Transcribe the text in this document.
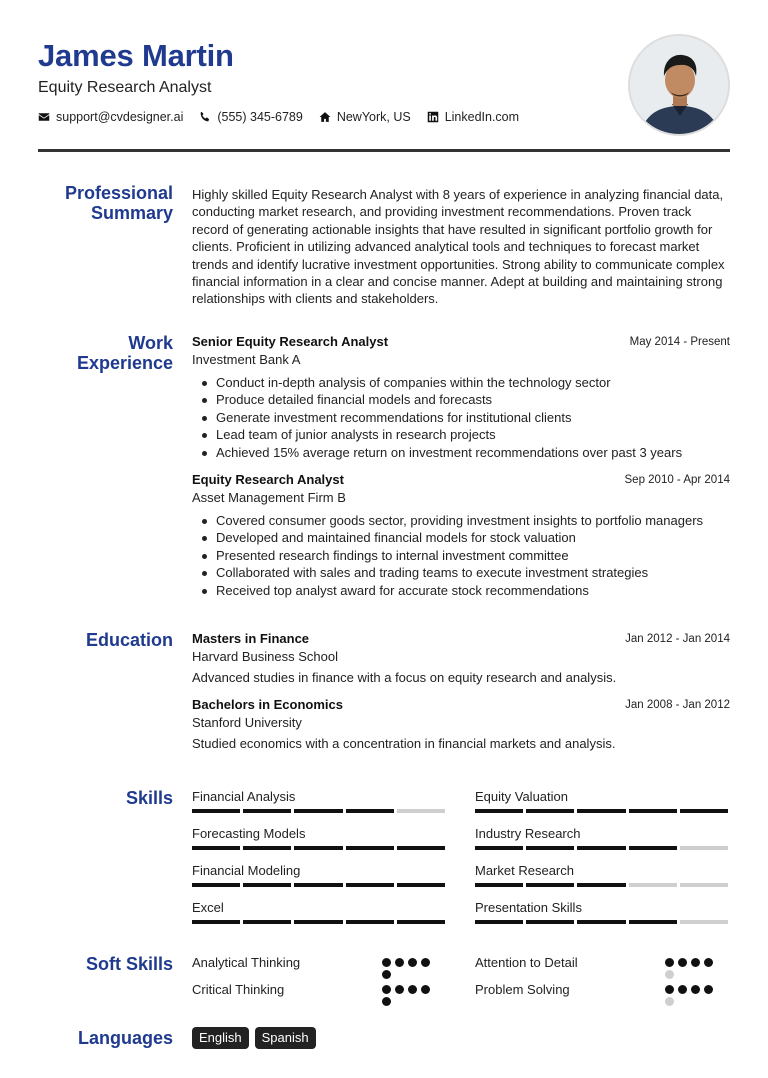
James Martin
Equity Research Analyst
support@cvdesigner.ai	(555) 345-6789	NewYork, US	LinkedIn.com
Professional Summary
Highly skilled Equity Research Analyst with 8 years of experience in analyzing financial data, conducting market research, and providing investment recommendations. Proven track record of generating actionable insights that have resulted in significant portfolio growth for clients. Proficient in utilizing advanced analytical tools and techniques to forecast market trends and identify lucrative investment opportunities. Strong ability to communicate complex financial information in a clear and concise manner. Adept at building and maintaining strong relationships with clients and stakeholders.
Work Experience
Senior Equity Research Analyst
Investment Bank A
May 2014 - Present
Conduct in-depth analysis of companies within the technology sector
Produce detailed financial models and forecasts
Generate investment recommendations for institutional clients
Lead team of junior analysts in research projects
Achieved 15% average return on investment recommendations over past 3 years
Equity Research Analyst
Asset Management Firm B
Sep 2010 - Apr 2014
Covered consumer goods sector, providing investment insights to portfolio managers
Developed and maintained financial models for stock valuation
Presented research findings to internal investment committee
Collaborated with sales and trading teams to execute investment strategies
Received top analyst award for accurate stock recommendations
Education Masters in Finance
Harvard Business School
Jan 2012 - Jan 2014
Advanced studies in finance with a focus on equity research and analysis.
Bachelors in Economics
Stanford University
Jan 2008 - Jan 2012
Studied economics with a concentration in financial markets and analysis.
Skills Financial Analysis	Equity Valuation
Forecasting Models	Industry Research
Financial Modeling	Market Research
Excel	Presentation Skills
Soft Skills Analytical Thinking	Attention to Detail
Critical Thinking	Problem Solving
Languages	English	Spanish
